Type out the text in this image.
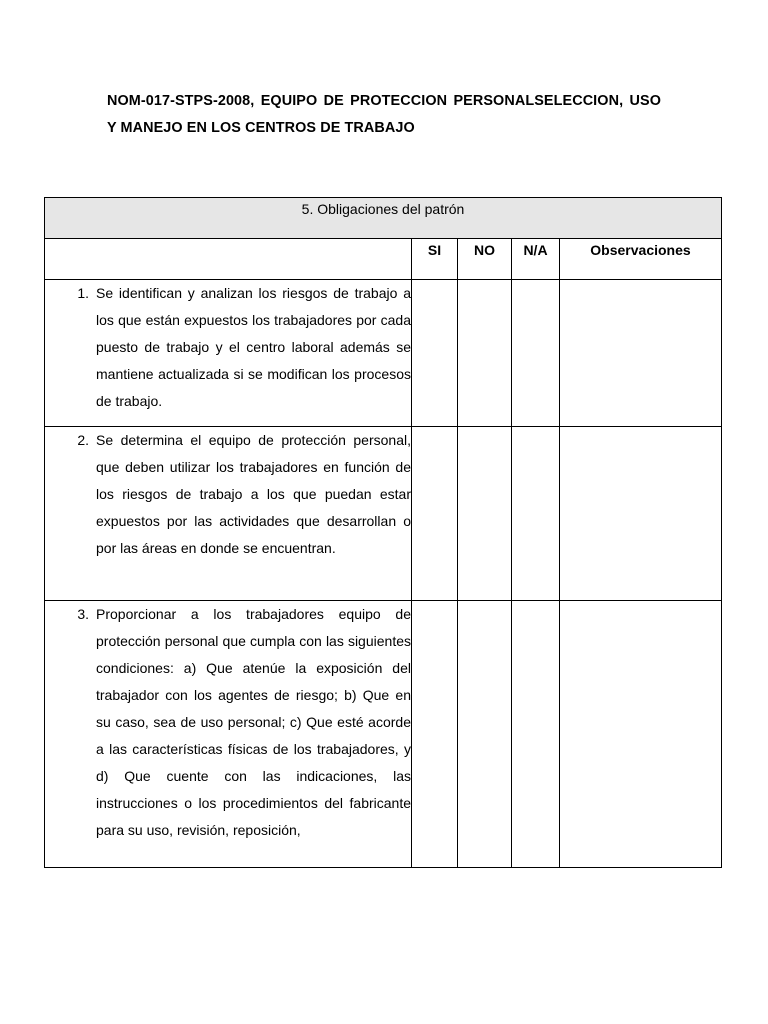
NOM-017-STPS-2008, EQUIPO DE PROTECCION PERSONALSELECCION, USO Y MANEJO EN LOS CENTROS DE TRABAJO

5. Obligaciones del patrón				

	SI	NO	N/A	Observaciones

1. Se identifican y analizan los riesgos de trabajo a los que están expuestos los trabajadores por cada puesto de trabajo y el centro laboral además se mantiene actualizada si se modifican los procesos de trabajo.				

2. Se determina el equipo de protección personal, que deben utilizar los trabajadores en función de los riesgos de trabajo a los que puedan estar expuestos por las actividades que desarrollan o por las áreas en donde se encuentran.				

3. Proporcionar a los trabajadores equipo de protección personal que cumpla con las siguientes condiciones: a) Que atenúe la exposición del trabajador con los agentes de riesgo; b) Que en su caso, sea de uso personal; c) Que esté acorde a las características físicas de los trabajadores, y d) Que cuente con las indicaciones, las instrucciones o los procedimientos del fabricante para su uso, revisión, reposición,				
